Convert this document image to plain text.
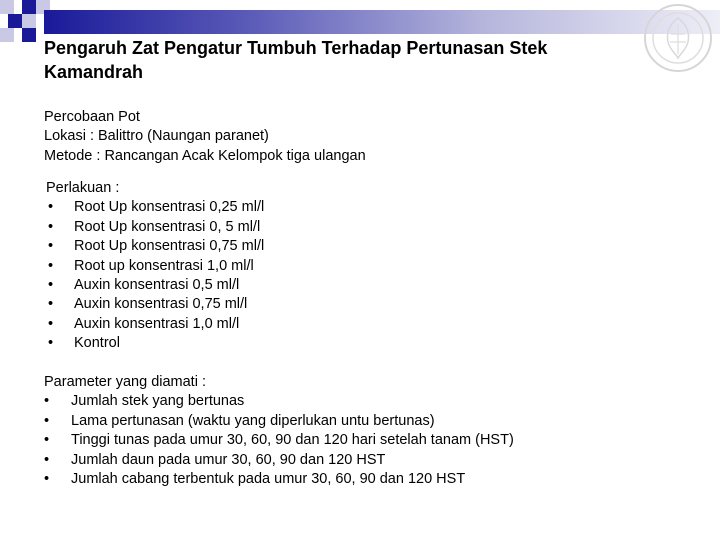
Pengaruh Zat Pengatur Tumbuh Terhadap Pertunasan Stek Kamandrah

Percobaan Pot

Lokasi : Balittro (Naungan paranet)

Metode : Rancangan Acak Kelompok tiga ulangan

Perlakuan :

• Root Up konsentrasi 0,25 ml/l
• Root Up konsentrasi 0, 5 ml/l
• Root Up konsentrasi 0,75 ml/l
• Root up konsentrasi 1,0 ml/l
• Auxin konsentrasi 0,5 ml/l
• Auxin konsentrasi 0,75 ml/l
• Auxin konsentrasi 1,0 ml/l
• Kontrol

Parameter yang diamati :

• Jumlah stek yang bertunas
• Lama pertunasan (waktu yang diperlukan untu bertunas)
• Tinggi tunas pada umur 30, 60, 90 dan 120 hari setelah tanam (HST)
• Jumlah daun pada umur 30, 60, 90 dan 120 HST
• Jumlah cabang terbentuk pada umur 30, 60, 90 dan 120 HST
